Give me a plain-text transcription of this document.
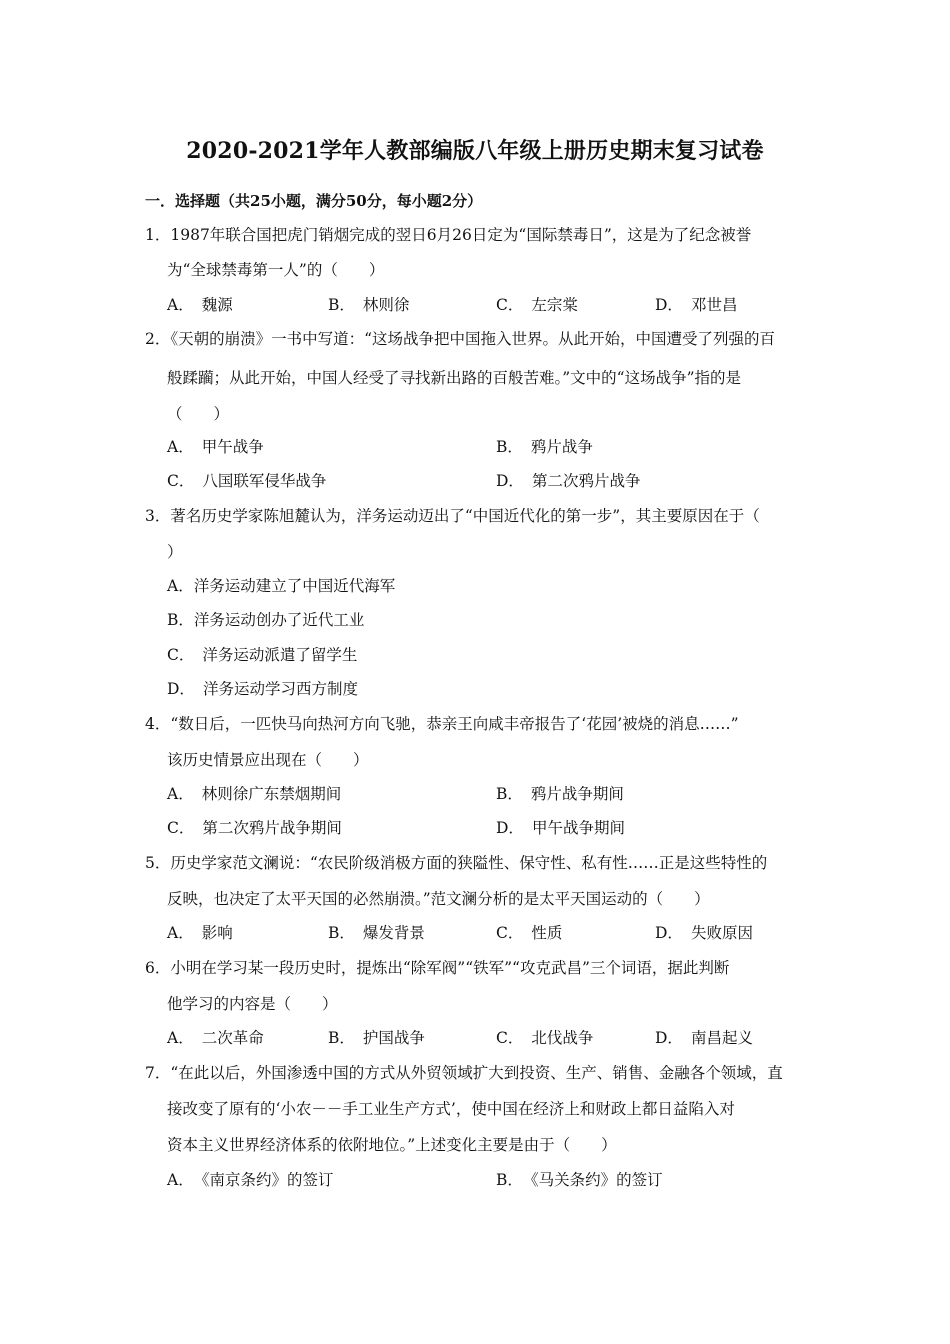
2020-2021学年人教部编版八年级上册历史期末复习试卷
一．选择题（共25小题，满分50分，每小题2分）
1．1987年联合国把虎门销烟完成的翌日6月26日定为“国际禁毒日”，这是为了纪念被誉
为“全球禁毒第一人”的（　　）
A． 魏源	B． 林则徐	C． 左宗棠	D． 邓世昌
2．《天朝的崩溃》一书中写道：“这场战争把中国拖入世界。从此开始，中国遭受了列强的百
般蹂躏；从此开始，中国人经受了寻找新出路的百般苦难。”文中的“这场战争”指的是
（　　）
A． 甲午战争	B． 鸦片战争
C． 八国联军侵华战争	D． 第二次鸦片战争
3．著名历史学家陈旭麓认为，洋务运动迈出了“中国近代化的第一步”，其主要原因在于（
）
A．洋务运动建立了中国近代海军
B．洋务运动创办了近代工业
C． 洋务运动派遣了留学生
D． 洋务运动学习西方制度
4．“数日后，一匹快马向热河方向飞驰，恭亲王向咸丰帝报告了‘花园’被烧的消息……”
该历史情景应出现在（　　）
A． 林则徐广东禁烟期间	B． 鸦片战争期间
C． 第二次鸦片战争期间	D． 甲午战争期间
5．历史学家范文澜说：“农民阶级消极方面的狭隘性、保守性、私有性……正是这些特性的
反映，也决定了太平天国的必然崩溃。”范文澜分析的是太平天国运动的（　　）
A． 影响	B． 爆发背景	C． 性质	D． 失败原因
6．小明在学习某一段历史时，提炼出“除军阀”“铁军”“攻克武昌”三个词语，据此判断
他学习的内容是（　　）
A． 二次革命	B． 护国战争	C． 北伐战争	D． 南昌起义
7．“在此以后，外国渗透中国的方式从外贸领域扩大到投资、生产、销售、金融各个领域，直
接改变了原有的‘小农－－手工业生产方式’，使中国在经济上和财政上都日益陷入对
资本主义世界经济体系的依附地位。”上述变化主要是由于（　　）
A． 《南京条约》的签订	B． 《马关条约》的签订
